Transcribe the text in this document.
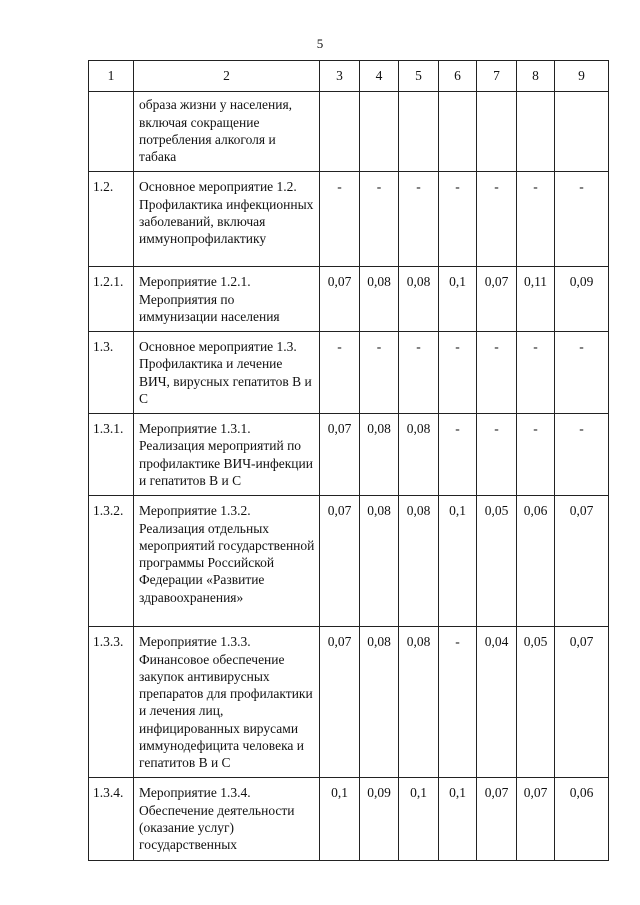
5
1	2	3	4	5	6	7	8	9
	образа жизни у населения, включая сокращение потребления алкоголя и табака							
1.2.	Основное мероприятие 1.2. Профилактика инфекционных заболеваний, включая иммунопрофилактику	-	-	-	-	-	-	-
1.2.1.	Мероприятие 1.2.1. Мероприятия по иммунизации населения	0,07	0,08	0,08	0,1	0,07	0,11	0,09
1.3.	Основное мероприятие 1.3. Профилактика и лечение ВИЧ, вирусных гепатитов В и С	-	-	-	-	-	-	-
1.3.1.	Мероприятие 1.3.1. Реализация мероприятий по профилактике ВИЧ-инфекции и гепатитов В и С	0,07	0,08	0,08	-	-	-	-
1.3.2.	Мероприятие 1.3.2. Реализация отдельных мероприятий государственной программы Российской Федерации «Развитие здравоохранения»	0,07	0,08	0,08	0,1	0,05	0,06	0,07
1.3.3.	Мероприятие 1.3.3. Финансовое обеспечение закупок антивирусных препаратов для профилактики и лечения лиц, инфицированных вирусами иммунодефицита человека и гепатитов В и С	0,07	0,08	0,08	-	0,04	0,05	0,07
1.3.4.	Мероприятие 1.3.4. Обеспечение деятельности (оказание услуг) государственных	0,1	0,09	0,1	0,1	0,07	0,07	0,06
